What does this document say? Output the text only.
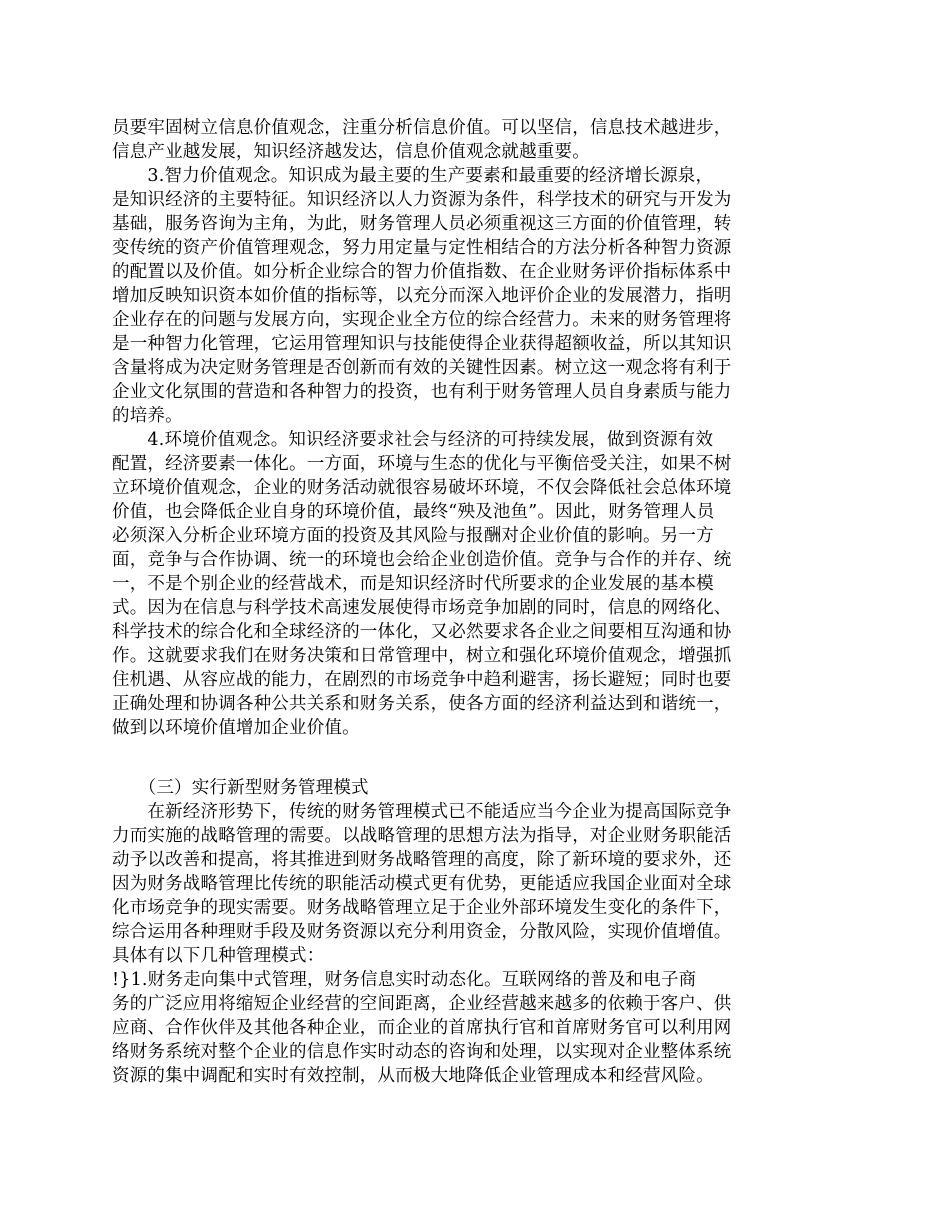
员要牢固树立信息价值观念，注重分析信息价值。可以坚信，信息技术越进步，
信息产业越发展，知识经济越发达，信息价值观念就越重要。
　　3.智力价值观念。知识成为最主要的生产要素和最重要的经济增长源泉，
是知识经济的主要特征。知识经济以人力资源为条件，科学技术的研究与开发为
基础，服务咨询为主角，为此，财务管理人员必须重视这三方面的价值管理，转
变传统的资产价值管理观念，努力用定量与定性相结合的方法分析各种智力资源
的配置以及价值。如分析企业综合的智力价值指数、在企业财务评价指标体系中
增加反映知识资本如价值的指标等，以充分而深入地评价企业的发展潜力，指明
企业存在的问题与发展方向，实现企业全方位的综合经营力。未来的财务管理将
是一种智力化管理，它运用管理知识与技能使得企业获得超额收益，所以其知识
含量将成为决定财务管理是否创新而有效的关键性因素。树立这一观念将有利于
企业文化氛围的营造和各种智力的投资，也有利于财务管理人员自身素质与能力
的培养。
　　4.环境价值观念。知识经济要求社会与经济的可持续发展，做到资源有效
配置，经济要素一体化。一方面，环境与生态的优化与平衡倍受关注，如果不树
立环境价值观念，企业的财务活动就很容易破坏环境，不仅会降低社会总体环境
价值，也会降低企业自身的环境价值，最终“殃及池鱼”。因此，财务管理人员
必须深入分析企业环境方面的投资及其风险与报酬对企业价值的影响。另一方
面，竞争与合作协调、统一的环境也会给企业创造价值。竞争与合作的并存、统
一，不是个别企业的经营战术，而是知识经济时代所要求的企业发展的基本模
式。因为在信息与科学技术高速发展使得市场竞争加剧的同时，信息的网络化、
科学技术的综合化和全球经济的一体化，又必然要求各企业之间要相互沟通和协
作。这就要求我们在财务决策和日常管理中，树立和强化环境价值观念，增强抓
住机遇、从容应战的能力，在剧烈的市场竞争中趋利避害，扬长避短；同时也要
正确处理和协调各种公共关系和财务关系，使各方面的经济利益达到和谐统一，
做到以环境价值增加企业价值。
　　（三）实行新型财务管理模式
　　在新经济形势下，传统的财务管理模式已不能适应当今企业为提高国际竞争
力而实施的战略管理的需要。以战略管理的思想方法为指导，对企业财务职能活
动予以改善和提高，将其推进到财务战略管理的高度，除了新环境的要求外，还
因为财务战略管理比传统的职能活动模式更有优势，更能适应我国企业面对全球
化市场竞争的现实需要。财务战略管理立足于企业外部环境发生变化的条件下，
综合运用各种理财手段及财务资源以充分利用资金，分散风险，实现价值增值。
具体有以下几种管理模式：
!}1.财务走向集中式管理，财务信息实时动态化。互联网络的普及和电子商
务的广泛应用将缩短企业经营的空间距离，企业经营越来越多的依赖于客户、供
应商、合作伙伴及其他各种企业，而企业的首席执行官和首席财务官可以利用网
络财务系统对整个企业的信息作实时动态的咨询和处理，以实现对企业整体系统
资源的集中调配和实时有效控制，从而极大地降低企业管理成本和经营风险。
